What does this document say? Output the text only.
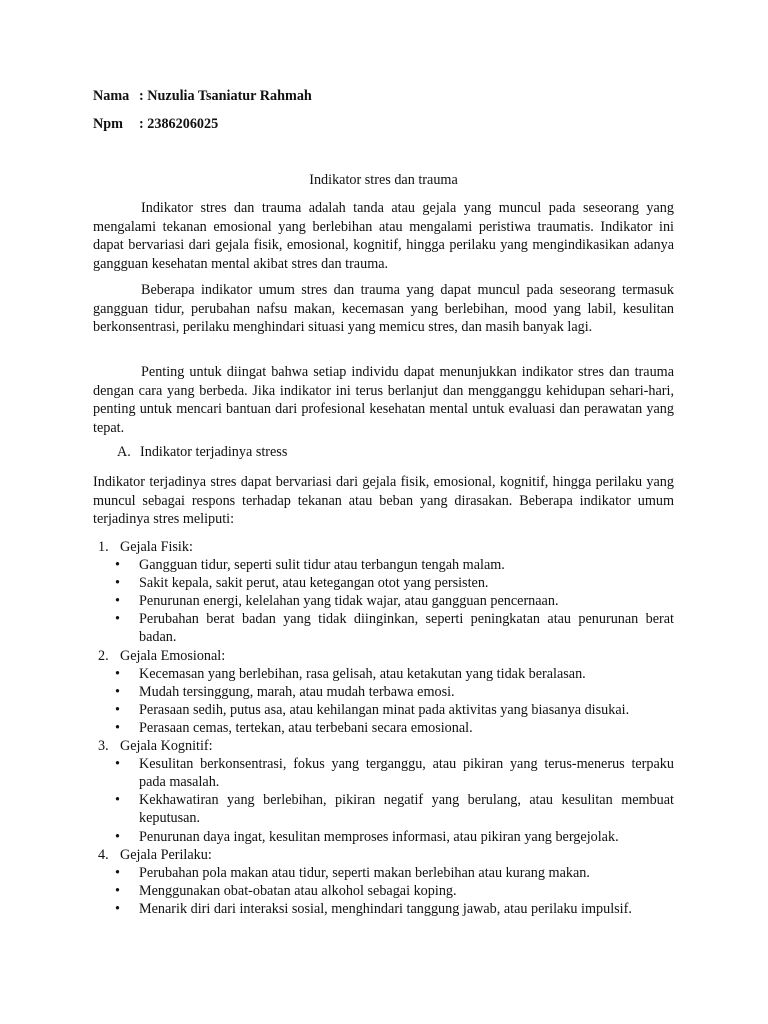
Nama : Nuzulia Tsaniatur Rahmah
Npm : 2386206025
Indikator stres dan trauma

Indikator stres dan trauma adalah tanda atau gejala yang muncul pada seseorang yang mengalami tekanan emosional yang berlebihan atau mengalami peristiwa traumatis. Indikator ini dapat bervariasi dari gejala fisik, emosional, kognitif, hingga perilaku yang mengindikasikan adanya gangguan kesehatan mental akibat stres dan trauma.

Beberapa indikator umum stres dan trauma yang dapat muncul pada seseorang termasuk gangguan tidur, perubahan nafsu makan, kecemasan yang berlebihan, mood yang labil, kesulitan berkonsentrasi, perilaku menghindari situasi yang memicu stres, dan masih banyak lagi.

Penting untuk diingat bahwa setiap individu dapat menunjukkan indikator stres dan trauma dengan cara yang berbeda. Jika indikator ini terus berlanjut dan mengganggu kehidupan sehari-hari, penting untuk mencari bantuan dari profesional kesehatan mental untuk evaluasi dan perawatan yang tepat.

A. Indikator terjadinya stress

Indikator terjadinya stres dapat bervariasi dari gejala fisik, emosional, kognitif, hingga perilaku yang muncul sebagai respons terhadap tekanan atau beban yang dirasakan. Beberapa indikator umum terjadinya stres meliputi:

1. Gejala Fisik:
• Gangguan tidur, seperti sulit tidur atau terbangun tengah malam.
• Sakit kepala, sakit perut, atau ketegangan otot yang persisten.
• Penurunan energi, kelelahan yang tidak wajar, atau gangguan pencernaan.
• Perubahan berat badan yang tidak diinginkan, seperti peningkatan atau penurunan berat badan.
2. Gejala Emosional:
• Kecemasan yang berlebihan, rasa gelisah, atau ketakutan yang tidak beralasan.
• Mudah tersinggung, marah, atau mudah terbawa emosi.
• Perasaan sedih, putus asa, atau kehilangan minat pada aktivitas yang biasanya disukai.
• Perasaan cemas, tertekan, atau terbebani secara emosional.
3. Gejala Kognitif:
• Kesulitan berkonsentrasi, fokus yang terganggu, atau pikiran yang terus-menerus terpaku pada masalah.
• Kekhawatiran yang berlebihan, pikiran negatif yang berulang, atau kesulitan membuat keputusan.
• Penurunan daya ingat, kesulitan memproses informasi, atau pikiran yang bergejolak.
4. Gejala Perilaku:
• Perubahan pola makan atau tidur, seperti makan berlebihan atau kurang makan.
• Menggunakan obat-obatan atau alkohol sebagai koping.
• Menarik diri dari interaksi sosial, menghindari tanggung jawab, atau perilaku impulsif.
